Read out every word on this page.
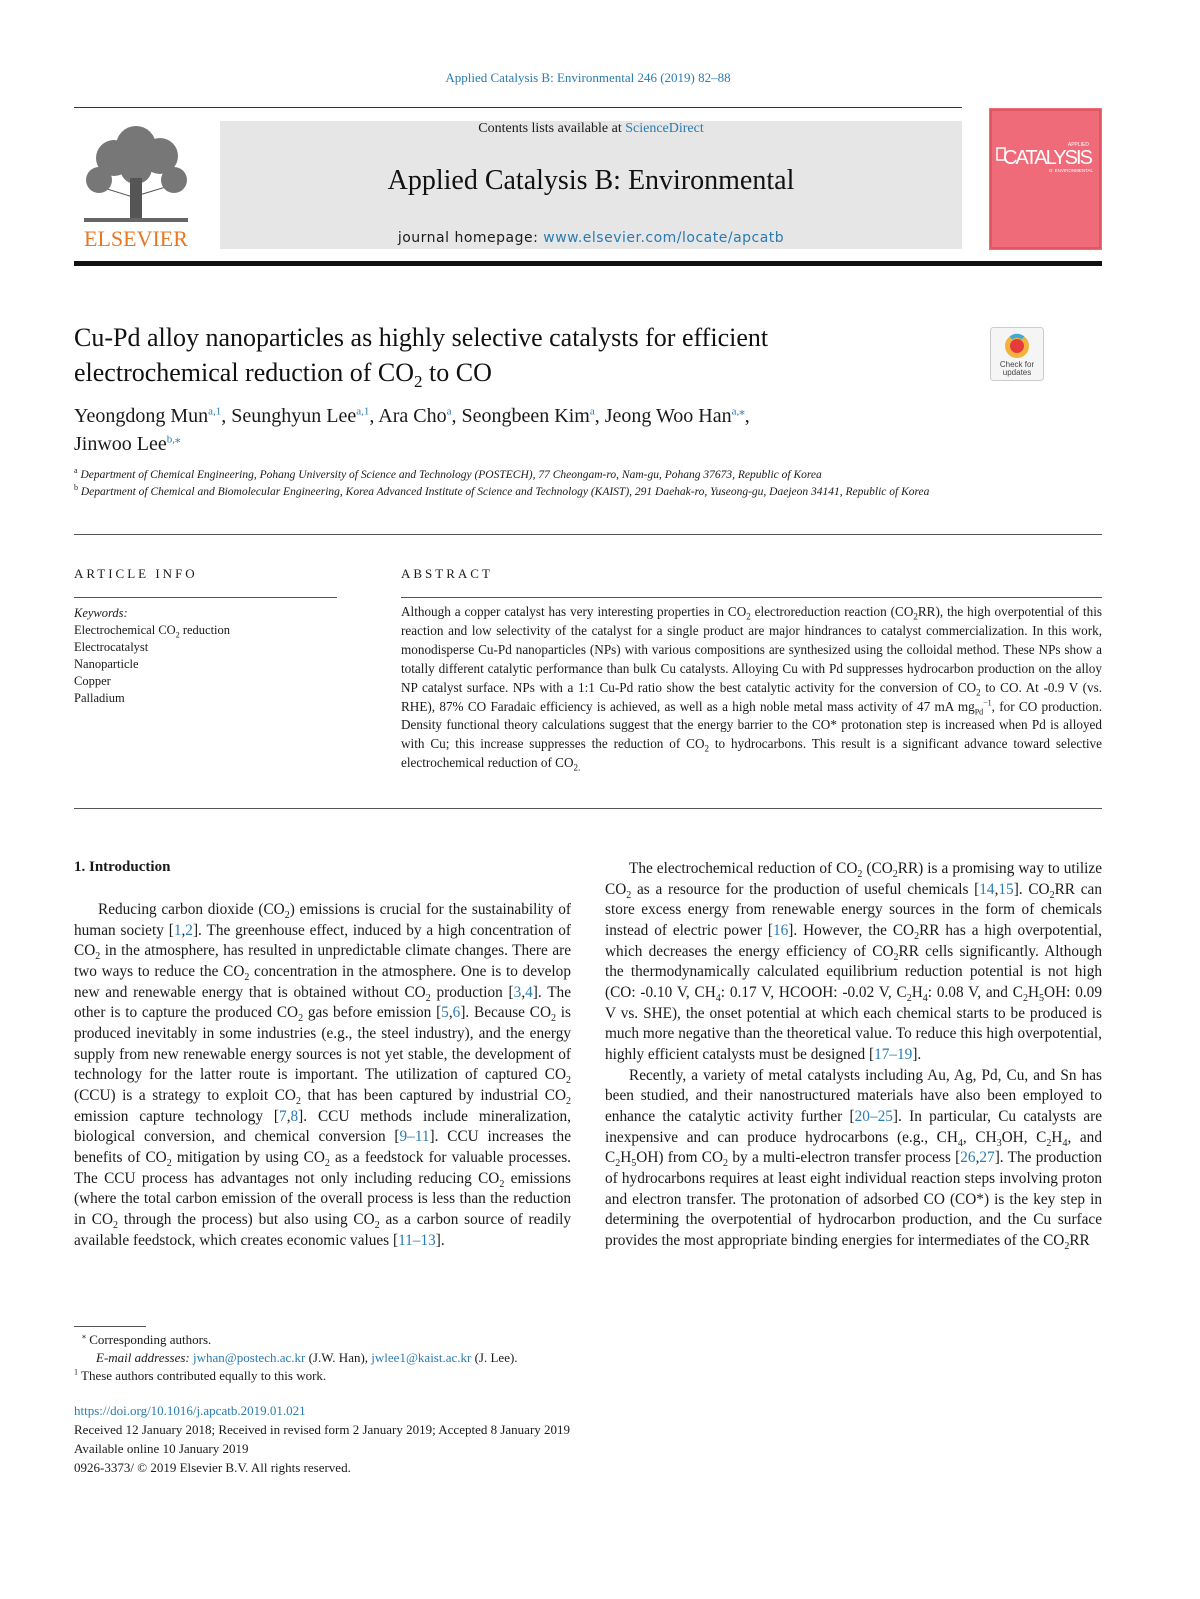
Applied Catalysis B: Environmental 246 (2019) 82–88
ELSEVIER
Contents lists available at ScienceDirect
Applied Catalysis B: Environmental
journal homepage: www.elsevier.com/locate/apcatb
APPLIED
CATALYSIS
B: ENVIRONMENTAL
Cu-Pd alloy nanoparticles as highly selective catalysts for efficient
electrochemical reduction of $CO_2$ to CO	Check for
updates
Yeongdong Mun$^{a,1}$, Seunghyun Lee$^{a,1}$, Ara Cho$^a$, Seongbeen Kim$^a$, Jeong Woo Han$^{a,⁎}$,
Jinwoo Lee$^{b,⁎}$
$^a$ Department of Chemical Engineering, Pohang University of Science and Technology (POSTECH), 77 Cheongam-ro, Nam-gu, Pohang 37673, Republic of Korea
$^b$ Department of Chemical and Biomolecular Engineering, Korea Advanced Institute of Science and Technology (KAIST), 291 Daehak-ro, Yuseong-gu, Daejeon 34141, Republic of Korea
ARTICLE INFO	ABSTRACT
Keywords:
Electrochemical $CO_2$ reduction
Electrocatalyst
Nanoparticle
Copper
Palladium
Although a copper catalyst has very interesting properties in $CO_2$ electroreduction reaction $(CO_2RR)$, the high overpotential of this reaction and low selectivity of the catalyst for a single product are major hindrances to catalyst commercialization. In this work, monodisperse Cu-Pd nanoparticles (NPs) with various compositions are synthesized using the colloidal method. These NPs show a totally different catalytic performance than bulk Cu catalysts. Alloying Cu with Pd suppresses hydrocarbon production on the alloy NP catalyst surface. NPs with a 1:1 Cu-Pd ratio show the best catalytic activity for the conversion of $CO_2$ to CO. At -0.9 V (vs. RHE), 87% CO Faradaic efficiency is achieved, as well as a high noble metal mass activity of 47 mA $mg_{Pd}^{-1}$, for CO production. Density functional theory calculations suggest that the energy barrier to the CO* protonation step is increased when Pd is alloyed with Cu; this increase suppresses the reduction of $CO_2$ to hydrocarbons. This result is a significant advance toward selective electrochemical reduction of $CO_{2.}$
1. Introduction

Reducing carbon dioxide $(CO_2)$ emissions is crucial for the sustainability of human society [1,2]. The greenhouse effect, induced by a high concentration of $CO_2$ in the atmosphere, has resulted in unpredictable climate changes. There are two ways to reduce the $CO_2$ concentration in the atmosphere. One is to develop new and renewable energy that is obtained without $CO_2$ production [3,4]. The other is to capture the produced $CO_2$ gas before emission [5,6]. Because $CO_2$ is produced inevitably in some industries (e.g., the steel industry), and the energy supply from new renewable energy sources is not yet stable, the development of technology for the latter route is important. The utilization of captured $CO_2$ (CCU) is a strategy to exploit $CO_2$ that has been captured by industrial $CO_2$ emission capture technology [7,8]. CCU methods include mineralization, biological conversion, and chemical conversion [9–11]. CCU increases the benefits of $CO_2$ mitigation by using $CO_2$ as a feedstock for valuable processes. The CCU process has advantages not only including reducing $CO_2$ emissions (where the total carbon emission of the overall process is less than the reduction in $CO_2$ through the process) but also using $CO_2$ as a carbon source of readily available feedstock, which creates economic values [11–13].

The electrochemical reduction of $CO_2$ $(CO_2RR)$ is a promising way to utilize $CO_2$ as a resource for the production of useful chemicals [14,15]. $CO_2RR$ can store excess energy from renewable energy sources in the form of chemicals instead of electric power [16]. However, the $CO_2RR$ has a high overpotential, which decreases the energy efficiency of $CO_2RR$ cells significantly. Although the thermodynamically calculated equilibrium reduction potential is not high (CO: -0.10 V, $CH_4$: 0.17 V, HCOOH: -0.02 V, $C_2H_4$: 0.08 V, and $C_2H_5OH$: 0.09 V vs. SHE), the onset potential at which each chemical starts to be produced is much more negative than the theoretical value. To reduce this high overpotential, highly efficient catalysts must be designed [17–19].

Recently, a variety of metal catalysts including Au, Ag, Pd, Cu, and Sn has been studied, and their nanostructured materials have also been employed to enhance the catalytic activity further [20–25]. In particular, Cu catalysts are inexpensive and can produce hydrocarbons (e.g., $CH_4$, $CH_3OH$, $C_2H_4$, and $C_2H_5OH$) from $CO_2$ by a multi-electron transfer process [26,27]. The production of hydrocarbons requires at least eight individual reaction steps involving proton and electron transfer. The protonation of adsorbed CO (CO*) is the key step in determining the overpotential of hydrocarbon production, and the Cu surface provides the most appropriate binding energies for intermediates of the $CO_2RR$

⁎ Corresponding authors.
E-mail addresses: jwhan@postech.ac.kr (J.W. Han), jwlee1@kaist.ac.kr (J. Lee).
$^1$ These authors contributed equally to this work.
https://doi.org/10.1016/j.apcatb.2019.01.021
Received 12 January 2018; Received in revised form 2 January 2019; Accepted 8 January 2019
Available online 10 January 2019
0926-3373/ © 2019 Elsevier B.V. All rights reserved.
